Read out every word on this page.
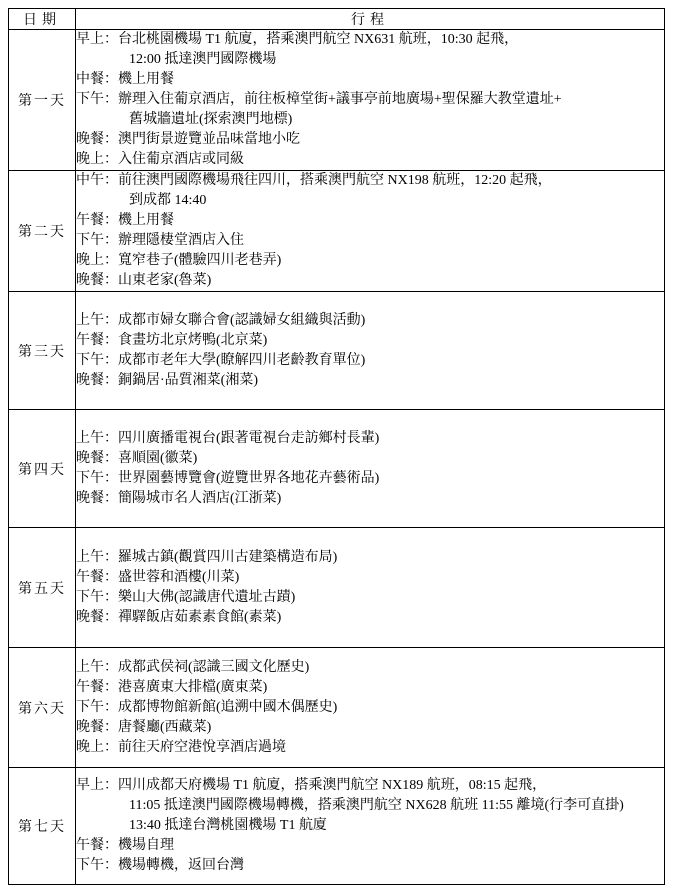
日期	行程
第一天	
早上：台北桃園機場 T1 航廈，搭乘澳門航空 NX631 航班，10:30 起飛，
12:00 抵達澳門國際機場
中餐：機上用餐
下午：辦理入住葡京酒店，前往板樟堂街+議事亭前地廣場+聖保羅大教堂遺址+
舊城牆遺址(探索澳門地標)
晚餐：澳門街景遊覽並品味當地小吃
晚上：入住葡京酒店或同級

第二天	
中午：前往澳門國際機場飛往四川，搭乘澳門航空 NX198 航班，12:20 起飛，
到成都 14:40
午餐：機上用餐
下午：辦理隱棲堂酒店入住
晚上：寬窄巷子(體驗四川老巷弄)
晚餐：山東老家(魯菜)

第三天	上午：成都市婦女聯合會(認識婦女組織與活動)
午餐：食畫坊北京烤鴨(北京菜)
下午：成都市老年大學(瞭解四川老齡教育單位)
晚餐：銅鍋居·品質湘菜(湘菜)

第四天	上午：四川廣播電視台(跟著電視台走訪鄉村長輩)
晚餐：喜順園(徽菜)
下午：世界園藝博覽會(遊覽世界各地花卉藝術品)
晚餐：簡陽城市名人酒店(江浙菜)

第五天	上午：羅城古鎮(觀賞四川古建築構造布局)
午餐：盛世蓉和酒樓(川菜)
下午：樂山大佛(認識唐代遺址古蹟)
晚餐：禪驛飯店茹素素食館(素菜)

第六天	上午：成都武侯祠(認識三國文化歷史)
午餐：港喜廣東大排檔(廣東菜)
下午：成都博物館新館(追溯中國木偶歷史)
晚餐：唐餐廳(西藏菜)
晚上：前往天府空港悅享酒店過境

第七天	早上：四川成都天府機場 T1 航廈，搭乘澳門航空 NX189 航班，08:15 起飛，
11:05 抵達澳門國際機場轉機，搭乘澳門航空 NX628 航班 11:55 離境(行李可直掛)
13:40 抵達台灣桃園機場 T1 航廈
午餐：機場自理
下午：機場轉機，返回台灣
